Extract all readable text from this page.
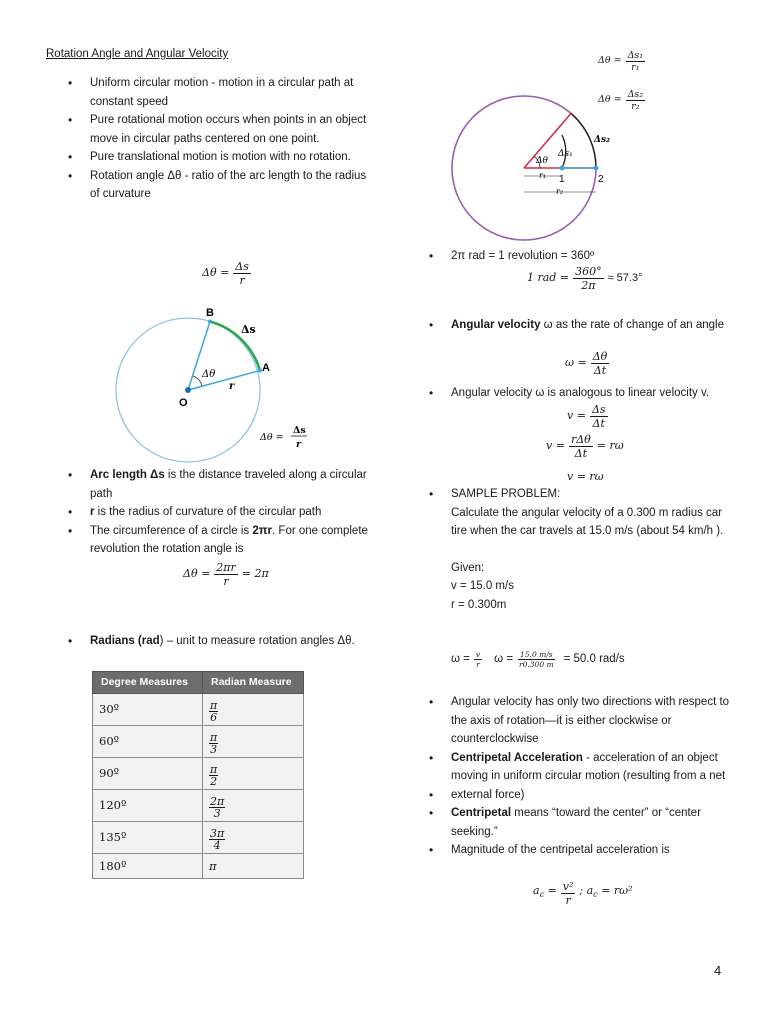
Rotation Angle and Angular Velocity
• Uniform circular motion - motion in a circular path at constant speed
• Pure rotational motion occurs when points in an object move in circular paths centered on one point.
• Pure translational motion is motion with no rotation.
• Rotation angle Δθ - ratio of the arc length to the radius of curvature
$\Delta\theta = \frac{\Delta s}{r}$
B
A
O
Δs
Δθ
r
Δθ =
Δs
r
• Arc length Δs is the distance traveled along a circular path
• r is the radius of curvature of the circular path
• The circumference of a circle is 2πr. For one complete revolution the rotation angle is
$\Delta\theta = \frac{2\pi r}{r} = 2\pi$
• Radians (rad) – unit to measure rotation angles Δθ.
Degree Measures	Radian Measure
30º	$\frac{\pi}{6}$

60º	$\frac{\pi}{3}$

90º	$\frac{\pi}{2}$

120º	$\frac{2\pi}{3}$

135º	$\frac{3\pi}{4}$

180º	π
$\Delta\theta = \frac{\text{Δs₁}}{\text{r₁}}$
$\Delta\theta = \frac{\text{Δs₂}}{\text{r₂}}$
Δθ
Δs₁
Δs₂
1	2
r₁
r₂
• 2π rad = 1 revolution = 360º
1 rad = $\frac{360^\circ}{2\pi} \approx 57.3^\circ$
• Angular velocity ω as the rate of change of an angle
$\omega = \frac{\Delta\theta}{\Delta t}$
• Angular velocity ω is analogous to linear velocity v.
$v = \frac{\Delta s}{\Delta t}$
$v = \frac{\text{rΔθ}}{\Delta t} = r\omega$
v = rω
• SAMPLE PROBLEM:
Calculate the angular velocity of a 0.300 m radius car tire when the car travels at 15.0 m/s (about 54 km/h ).
Given:
v = 15.0 m/s
r = 0.300m
$\omega = \frac{v}{r}$ $\omega = \frac{15.0 m/s}{r0.300 m} = 50.0$ rad/s
• Angular velocity has only two directions with respect to the axis of rotation—it is either clockwise or counterclockwise
• Centripetal Acceleration - acceleration of an object moving in uniform circular motion (resulting from a net
• external force)
• Centripetal means “toward the center” or “center seeking.”
• Magnitude of the centripetal acceleration is
$a_c = \frac{\text{v²}}{r}$ ; $a_c = r\omega^2$
4
